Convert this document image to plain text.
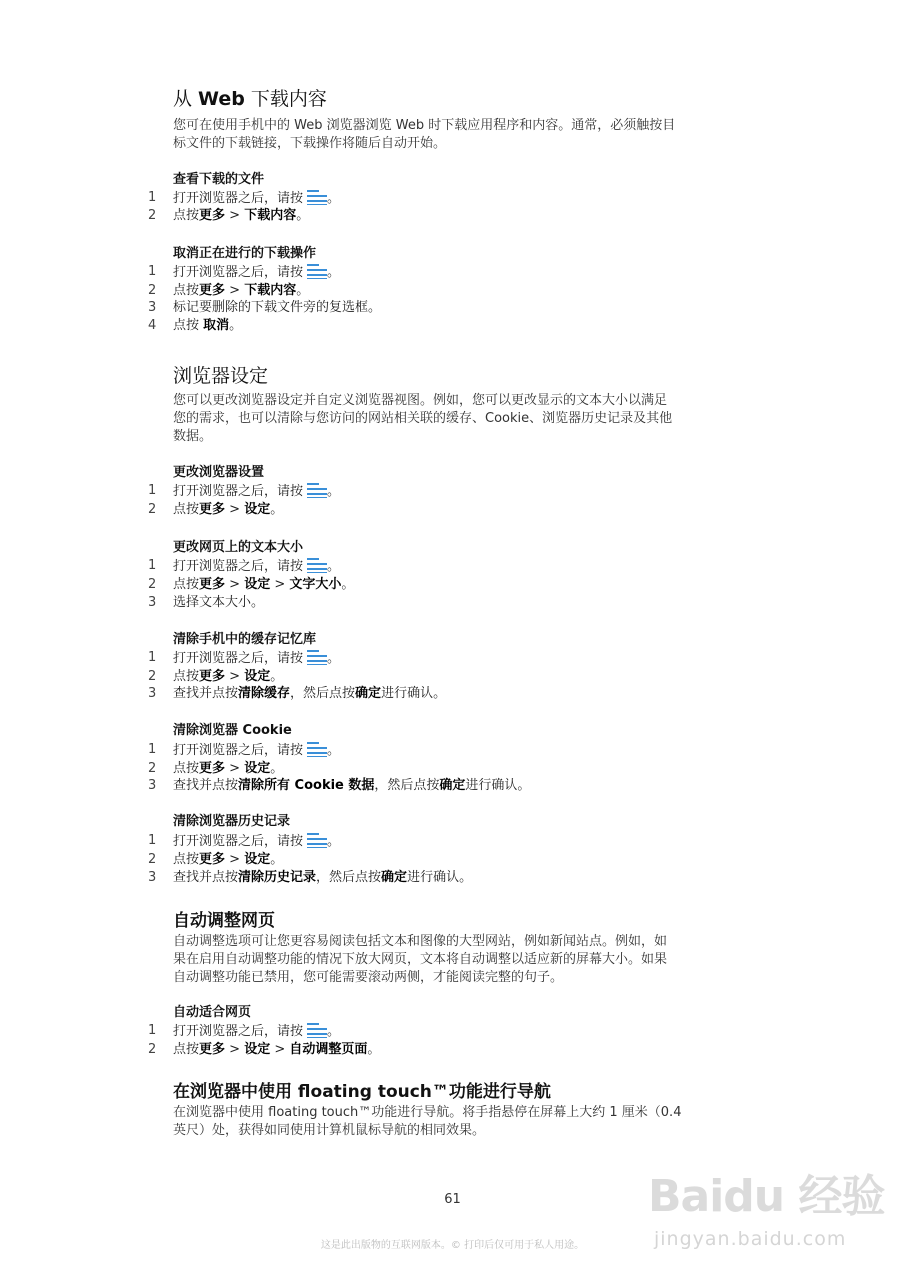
从 Web 下载内容

您可在使用手机中的 Web 浏览器浏览 Web 时下载应用程序和内容。通常，必须触按目
标文件的下载链接，下载操作将随后自动开始。

查看下载的文件
1	打开浏览器之后，请按 。
2	点按更多 > 下载内容。
取消正在进行的下载操作
1	打开浏览器之后，请按 。
2	点按更多 > 下载内容。
3	标记要删除的下载文件旁的复选框。
4	点按 取消。
浏览器设定

您可以更改浏览器设定并自定义浏览器视图。例如，您可以更改显示的文本大小以满足
您的需求，也可以清除与您访问的网站相关联的缓存、Cookie、浏览器历史记录及其他
数据。

更改浏览器设置
1	打开浏览器之后，请按 。
2	点按更多 > 设定。
更改网页上的文本大小
1	打开浏览器之后，请按 。
2	点按更多 > 设定 > 文字大小。
3	选择文本大小。
清除手机中的缓存记忆库
1	打开浏览器之后，请按 。
2	点按更多 > 设定。
3	查找并点按清除缓存，然后点按确定进行确认。
清除浏览器 Cookie
1	打开浏览器之后，请按 。
2	点按更多 > 设定。
3	查找并点按清除所有 Cookie 数据，然后点按确定进行确认。
清除浏览器历史记录
1	打开浏览器之后，请按 。
2	点按更多 > 设定。
3	查找并点按清除历史记录，然后点按确定进行确认。
自动调整网页

自动调整选项可让您更容易阅读包括文本和图像的大型网站，例如新闻站点。例如，如
果在启用自动调整功能的情况下放大网页，文本将自动调整以适应新的屏幕大小。如果
自动调整功能已禁用，您可能需要滚动两侧，才能阅读完整的句子。

自动适合网页
1	打开浏览器之后，请按 。
2	点按更多 > 设定 > 自动调整页面。
在浏览器中使用 floating touch™功能进行导航

在浏览器中使用 floating touch™功能进行导航。将手指悬停在屏幕上大约 1 厘米（0.4
英尺）处，获得如同使用计算机鼠标导航的相同效果。

61
这是此出版物的互联网版本。© 打印后仅可用于私人用途。
Baidu 经验
jingyan.baidu.com
